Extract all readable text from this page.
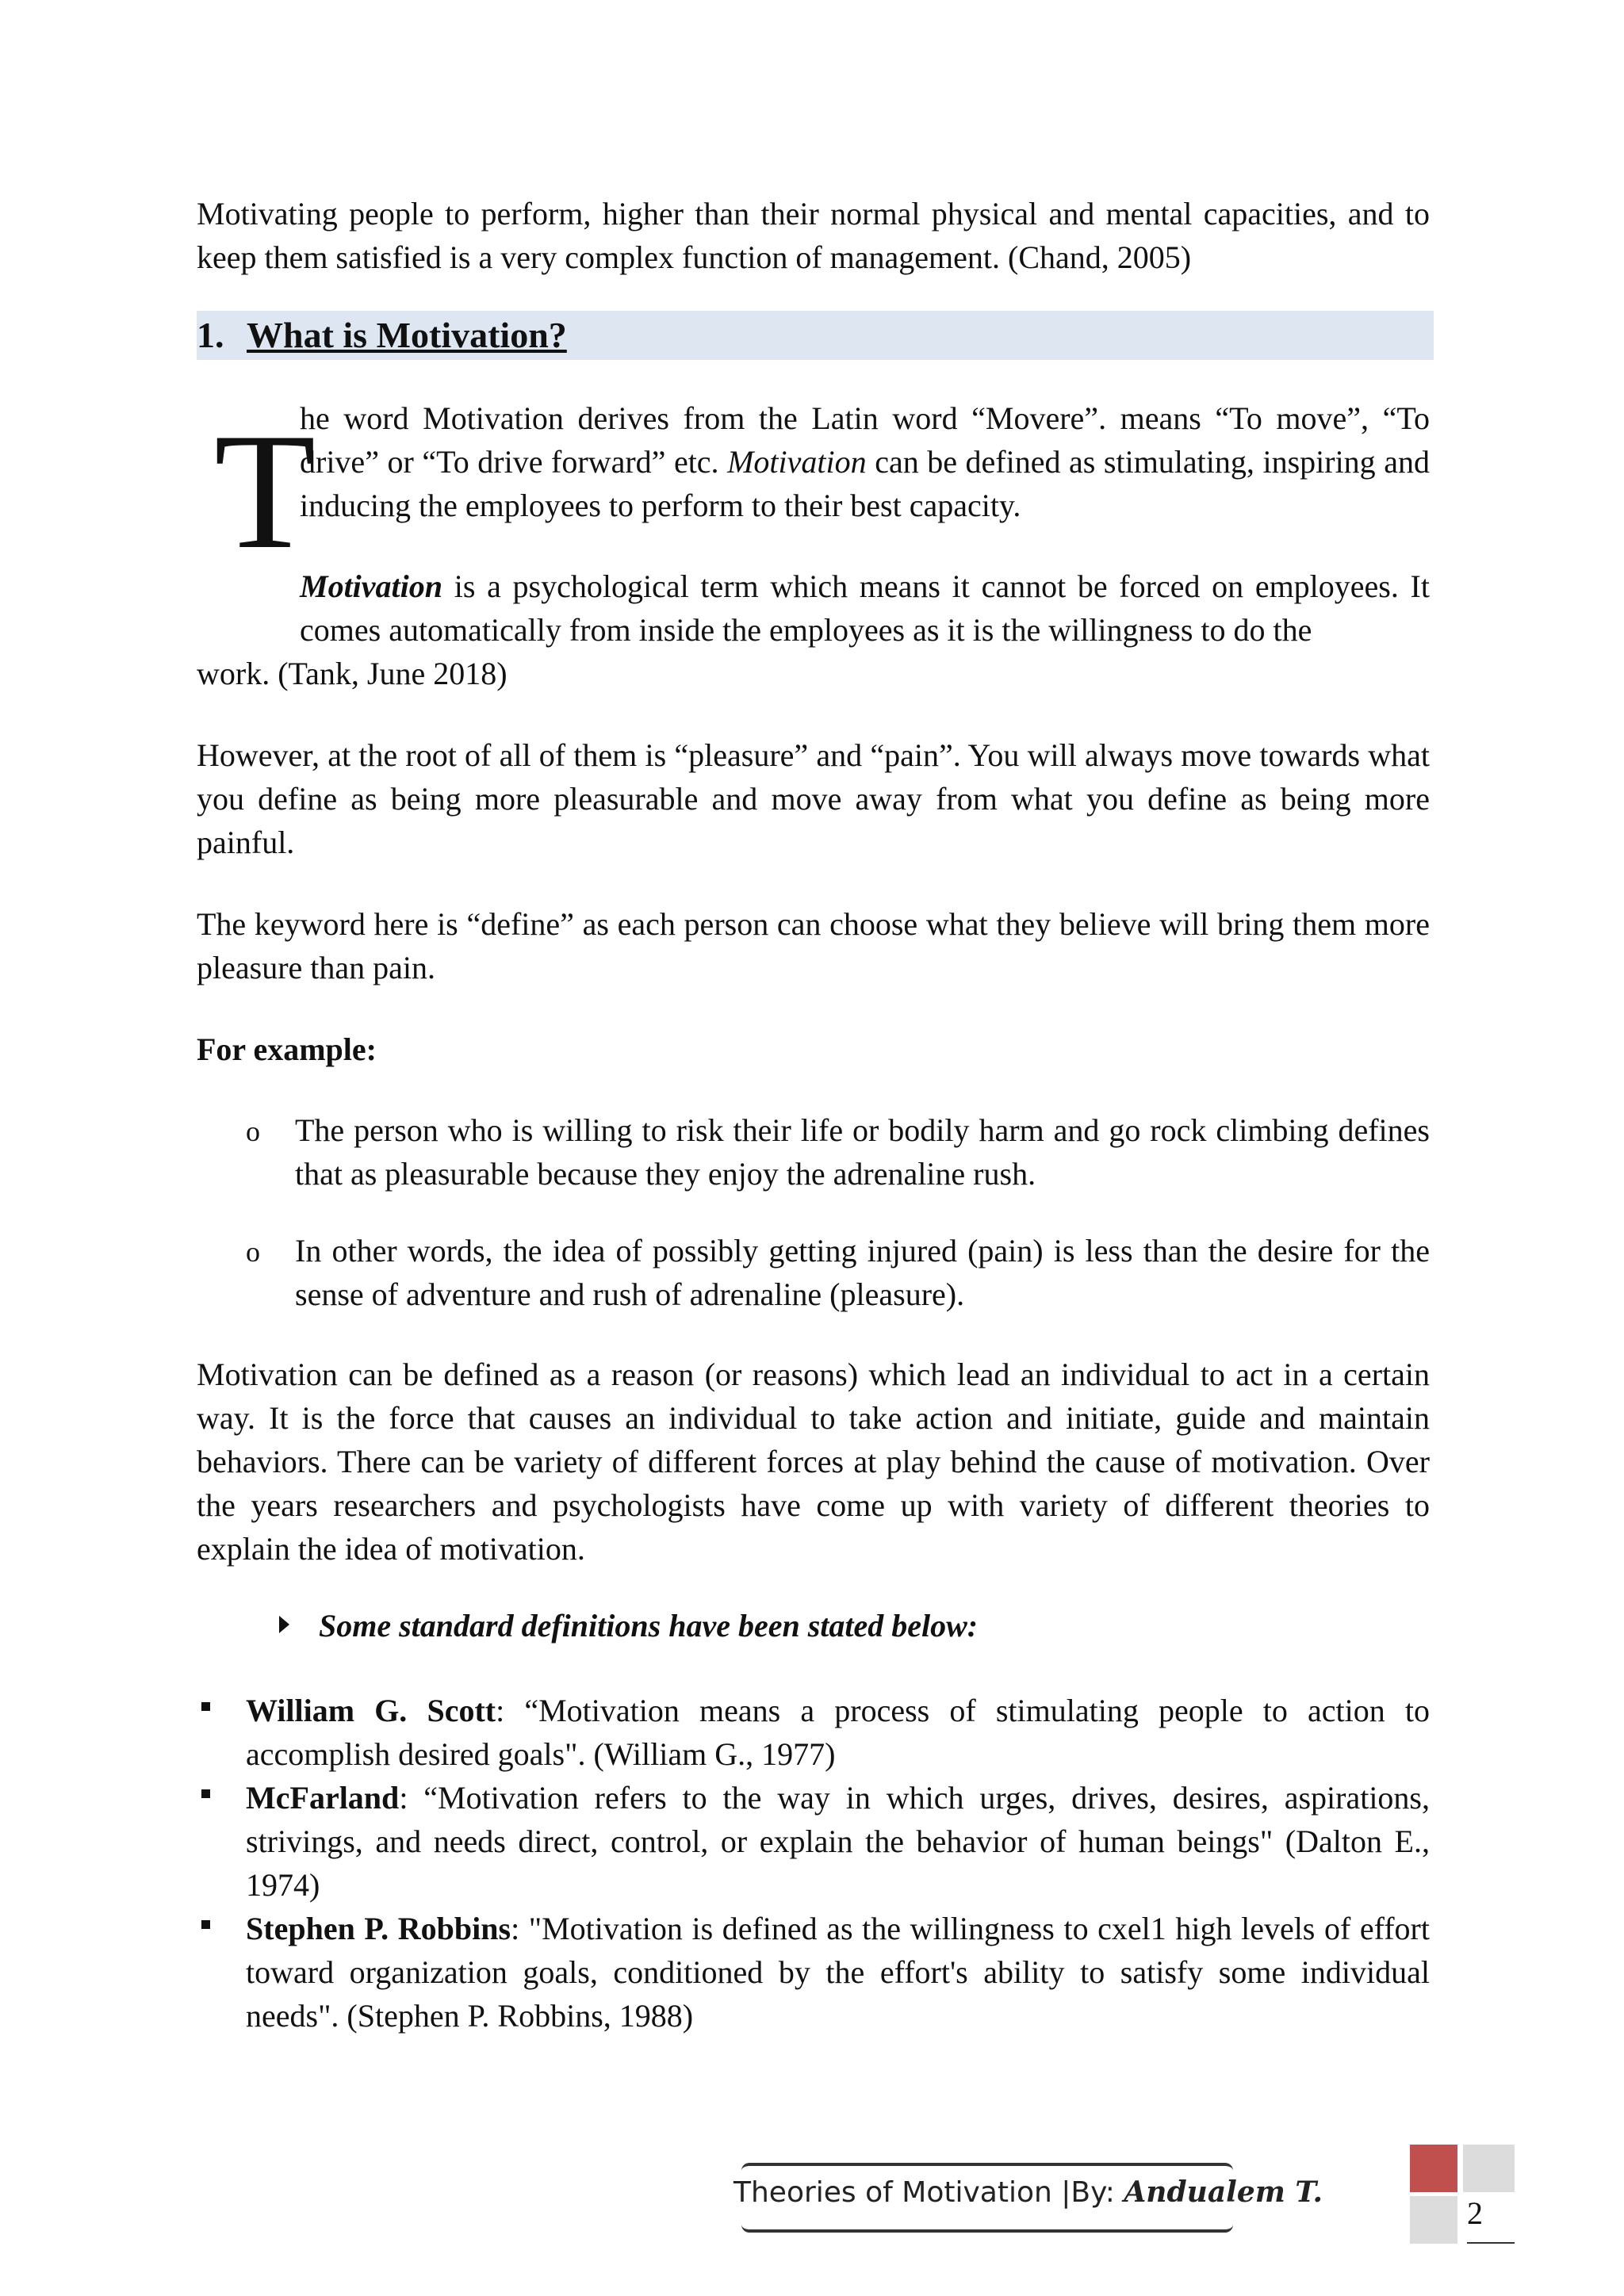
Motivating people to perform, higher than their normal physical and mental capacities, and to keep them satisfied is a very complex function of management. (Chand, 2005)

1. What is Motivation?
T

he word Motivation derives from the Latin word “Movere”. means “To move”, “To drive” or “To drive forward” etc. Motivation can be defined as stimulating, inspiring and inducing the employees to perform to their best capacity.

Motivation is a psychological term which means it cannot be forced on employees. It comes automatically from inside the employees as it is the willingness to do the

work. (Tank, June 2018)

However, at the root of all of them is “pleasure” and “pain”. You will always move towards what you define as being more pleasurable and move away from what you define as being more painful.

The keyword here is “define” as each person can choose what they believe will bring them more pleasure than pain.

For example:

o The person who is willing to risk their life or bodily harm and go rock climbing defines that as pleasurable because they enjoy the adrenaline rush.

o In other words, the idea of possibly getting injured (pain) is less than the desire for the sense of adventure and rush of adrenaline (pleasure).

Motivation can be defined as a reason (or reasons) which lead an individual to act in a certain way. It is the force that causes an individual to take action and initiate, guide and maintain behaviors. There can be variety of different forces at play behind the cause of motivation. Over the years researchers and psychologists have come up with variety of different theories to explain the idea of motivation.

Some standard definitions have been stated below:

William G. Scott: “Motivation means a process of stimulating people to action to accomplish desired goals". (William G., 1977)

McFarland: “Motivation refers to the way in which urges, drives, desires, aspirations, strivings, and needs direct, control, or explain the behavior of human beings" (Dalton E., 1974)

Stephen P. Robbins: "Motivation is defined as the willingness to cxel1 high levels of effort toward organization goals, conditioned by the effort's ability to satisfy some individual needs". (Stephen P. Robbins, 1988)

Theories of Motivation |By: Andualem T.
2
